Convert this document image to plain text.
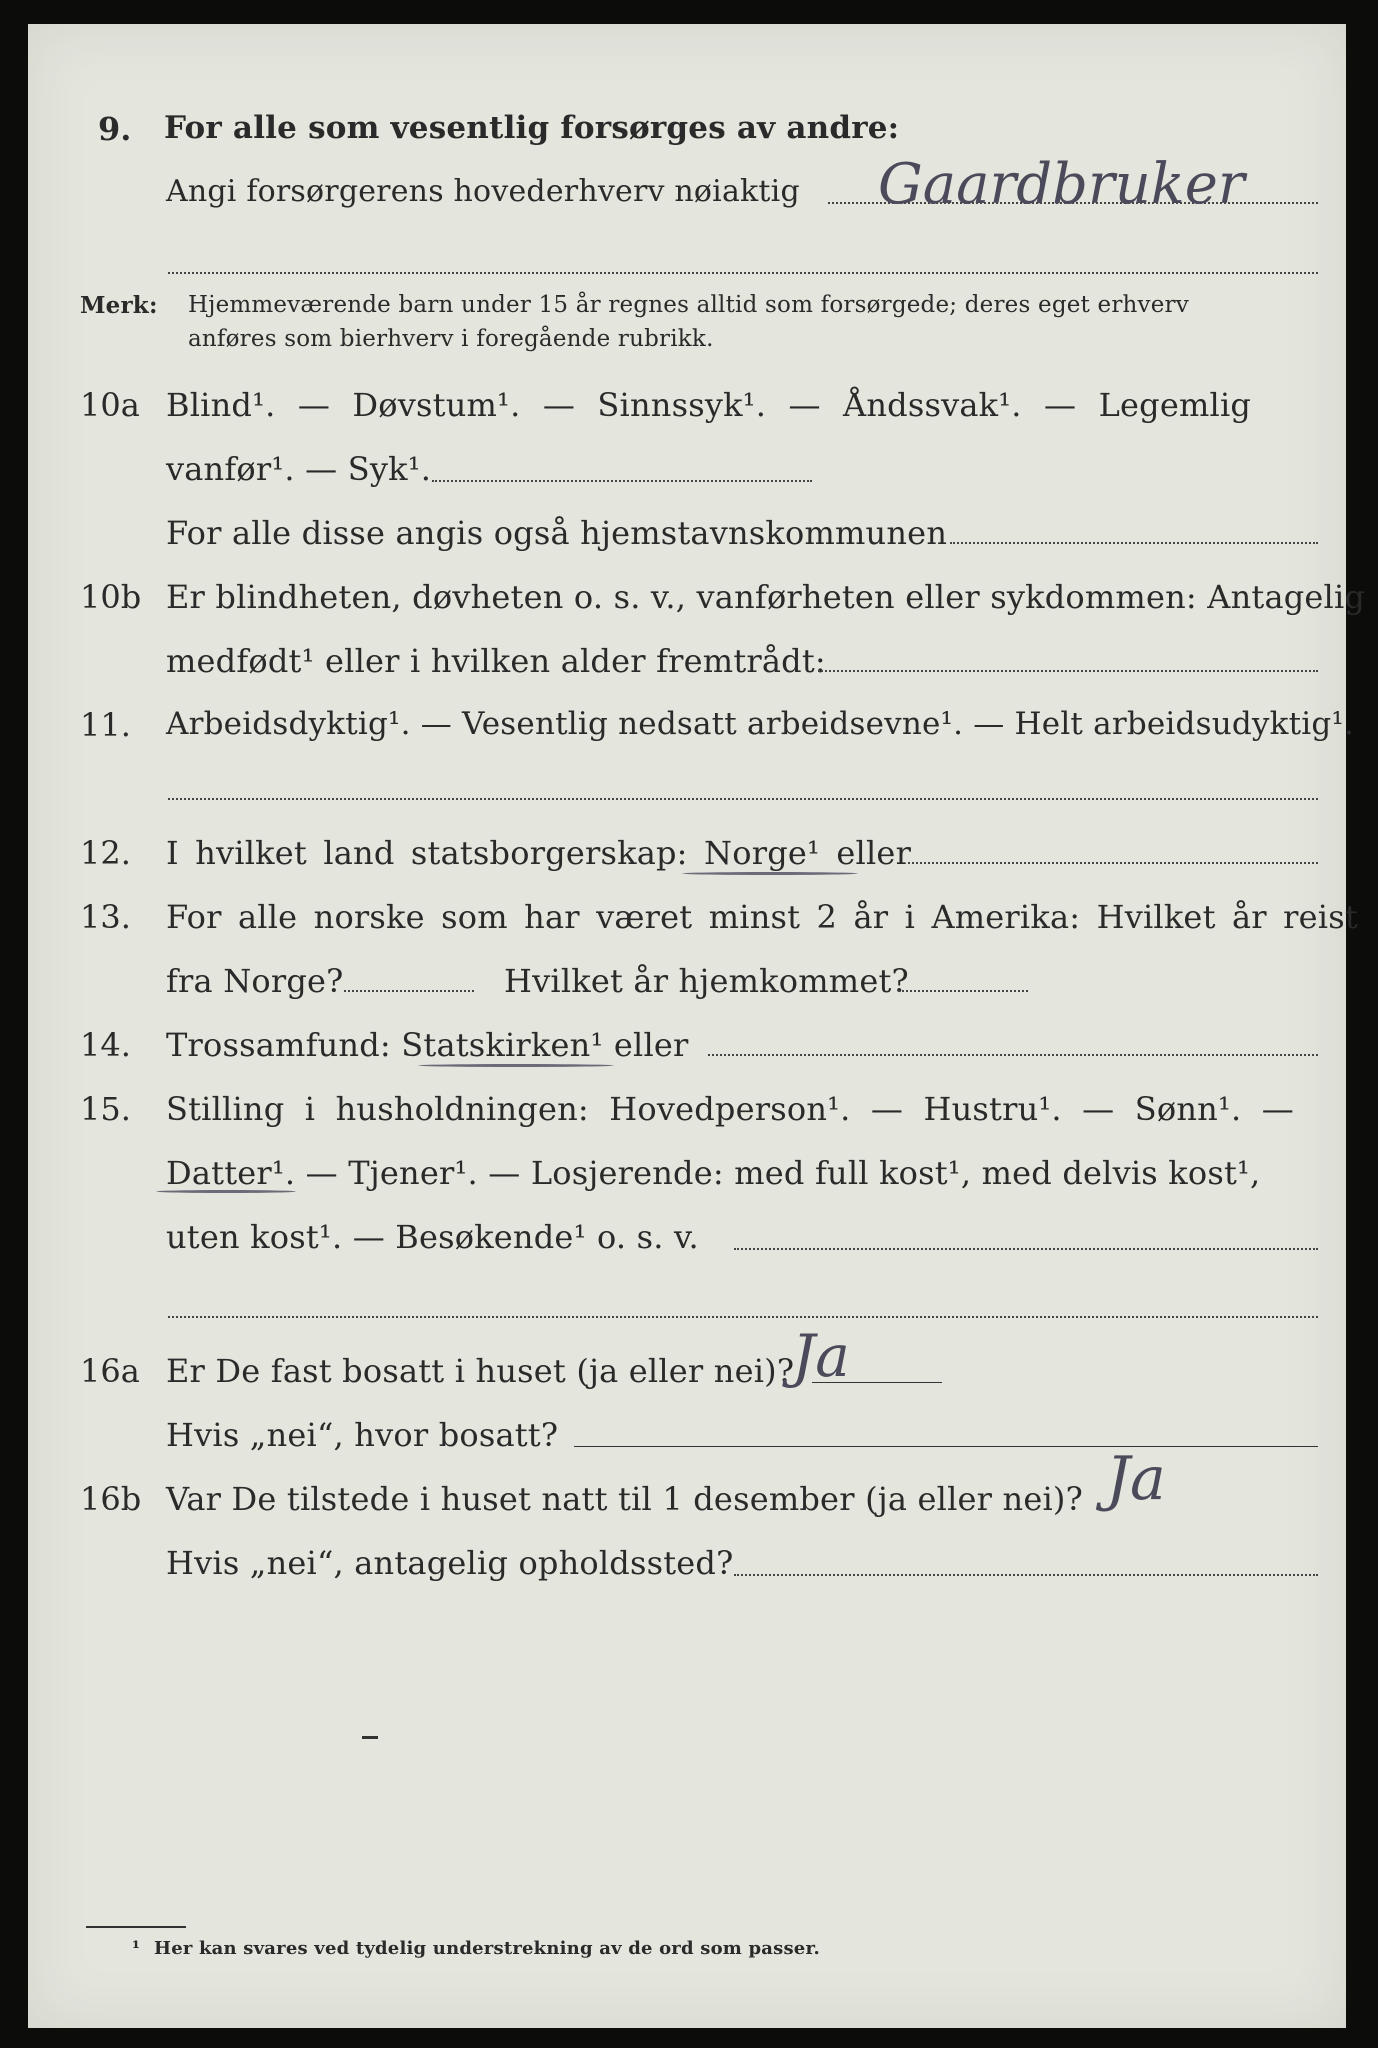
9. For alle som vesentlig forsørges av andre:
Angi forsørgerens hovederhverv nøiaktig Gaardbruker
Merk: Hjemmeværende barn under 15 år regnes alltid som forsørgede; deres eget erhverv
anføres som bierhverv i foregående rubrikk.
10a Blind¹. — Døvstum¹. — Sinnssyk¹. — Åndssvak¹. — Legemlig
vanfør¹. — Syk¹.
For alle disse angis også hjemstavnskommunen
10b Er blindheten, døvheten o. s. v., vanførheten eller sykdommen: Antagelig
medfødt¹ eller i hvilken alder fremtrådt:
11. Arbeidsdyktig¹. — Vesentlig nedsatt arbeidsevne¹. — Helt arbeidsudyktig¹.
12. I hvilket land statsborgerskap: Norge¹ eller
13. For alle norske som har været minst 2 år i Amerika: Hvilket år reist
fra Norge?	Hvilket år hjemkommet?
14. Trossamfund: Statskirken¹ eller
15. Stilling i husholdningen: Hovedperson¹. — Hustru¹. — Sønn¹. —
Datter¹. — Tjener¹. — Losjerende: med full kost¹, med delvis kost¹,
uten kost¹. — Besøkende¹ o. s. v.
16a Er De fast bosatt i huset (ja eller nei)?
Ja
Hvis „nei“, hvor bosatt?
16b Var De tilstede i huset natt til 1 desember (ja eller nei)? Ja
Hvis „nei“, antagelig opholdssted?
¹ Her kan svares ved tydelig understrekning av de ord som passer.
